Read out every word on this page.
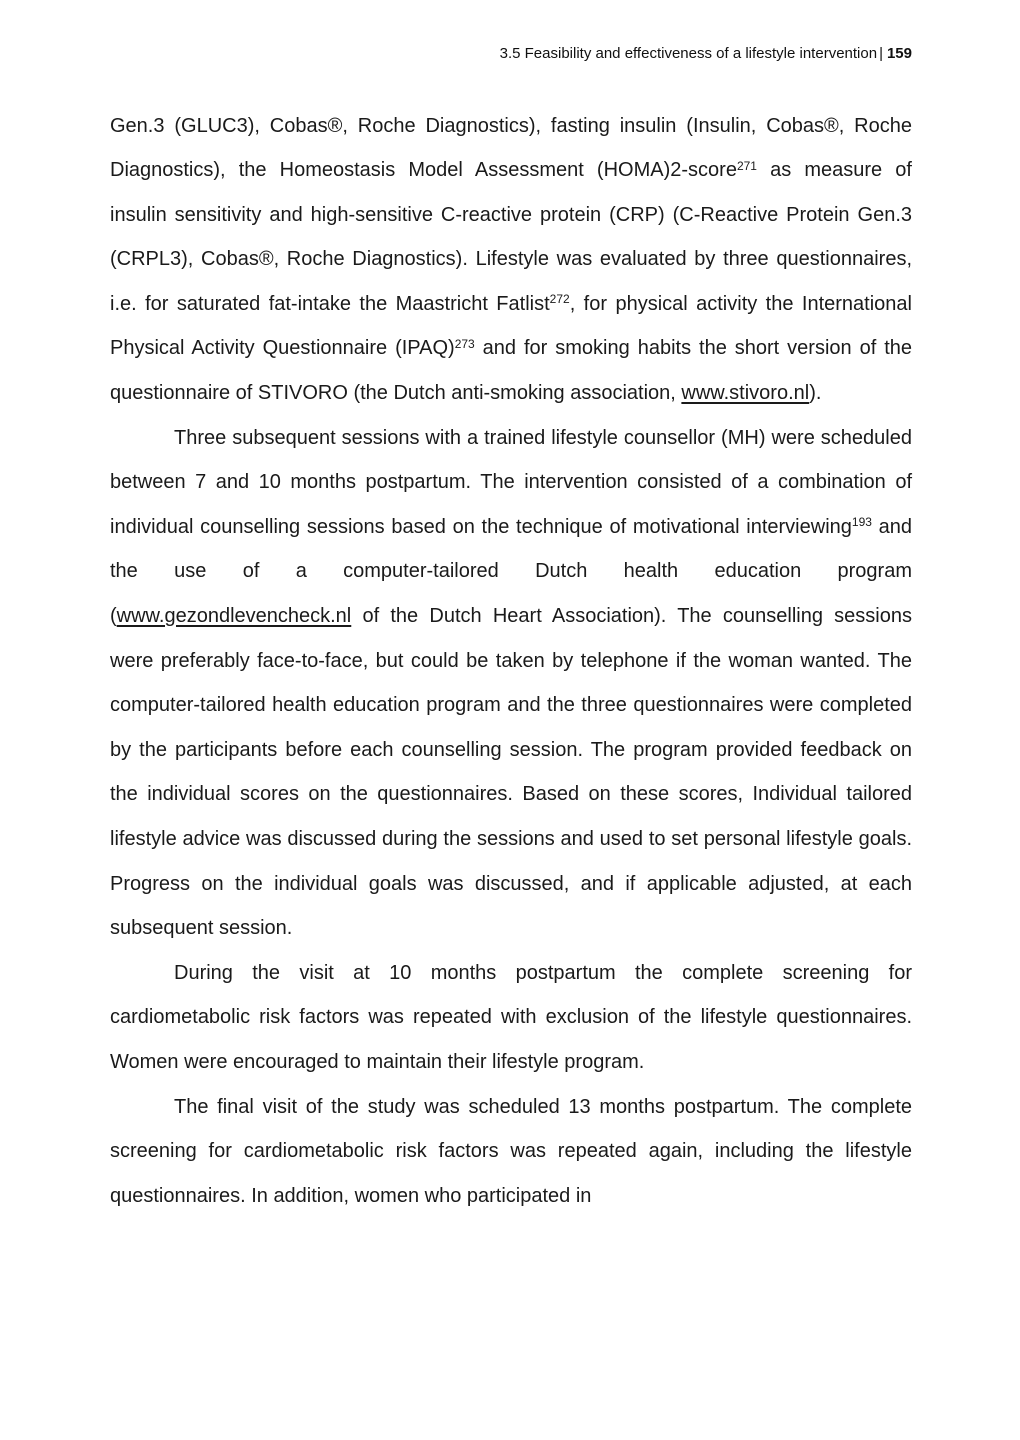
3.5 Feasibility and effectiveness of a lifestyle intervention | 159

Gen.3 (GLUC3), Cobas®, Roche Diagnostics), fasting insulin (Insulin, Cobas®, Roche Diagnostics), the Homeostasis Model Assessment (HOMA)2-score$^{271}$ as measure of insulin sensitivity and high-sensitive C-reactive protein (CRP) (C-Reactive Protein Gen.3 (CRPL3), Cobas®, Roche Diagnostics). Lifestyle was evaluated by three questionnaires, i.e. for saturated fat-intake the Maastricht Fatlist$^{272}$, for physical activity the International Physical Activity Questionnaire (IPAQ)$^{273}$ and for smoking habits the short version of the questionnaire of STIVORO (the Dutch anti-smoking association, www.stivoro.nl).

Three subsequent sessions with a trained lifestyle counsellor (MH) were scheduled between 7 and 10 months postpartum. The intervention consisted of a combination of individual counselling sessions based on the technique of motivational interviewing$^{193}$ and the use of a computer-tailored Dutch health education program (www.gezondlevencheck.nl of the Dutch Heart Association). The counselling sessions were preferably face-to-face, but could be taken by telephone if the woman wanted. The computer-tailored health education program and the three questionnaires were completed by the participants before each counselling session. The program provided feedback on the individual scores on the questionnaires. Based on these scores, Individual tailored lifestyle advice was discussed during the sessions and used to set personal lifestyle goals. Progress on the individual goals was discussed, and if applicable adjusted, at each subsequent session.

During the visit at 10 months postpartum the complete screening for cardiometabolic risk factors was repeated with exclusion of the lifestyle questionnaires. Women were encouraged to maintain their lifestyle program.

The final visit of the study was scheduled 13 months postpartum. The complete screening for cardiometabolic risk factors was repeated again, including the lifestyle questionnaires. In addition, women who participated in
